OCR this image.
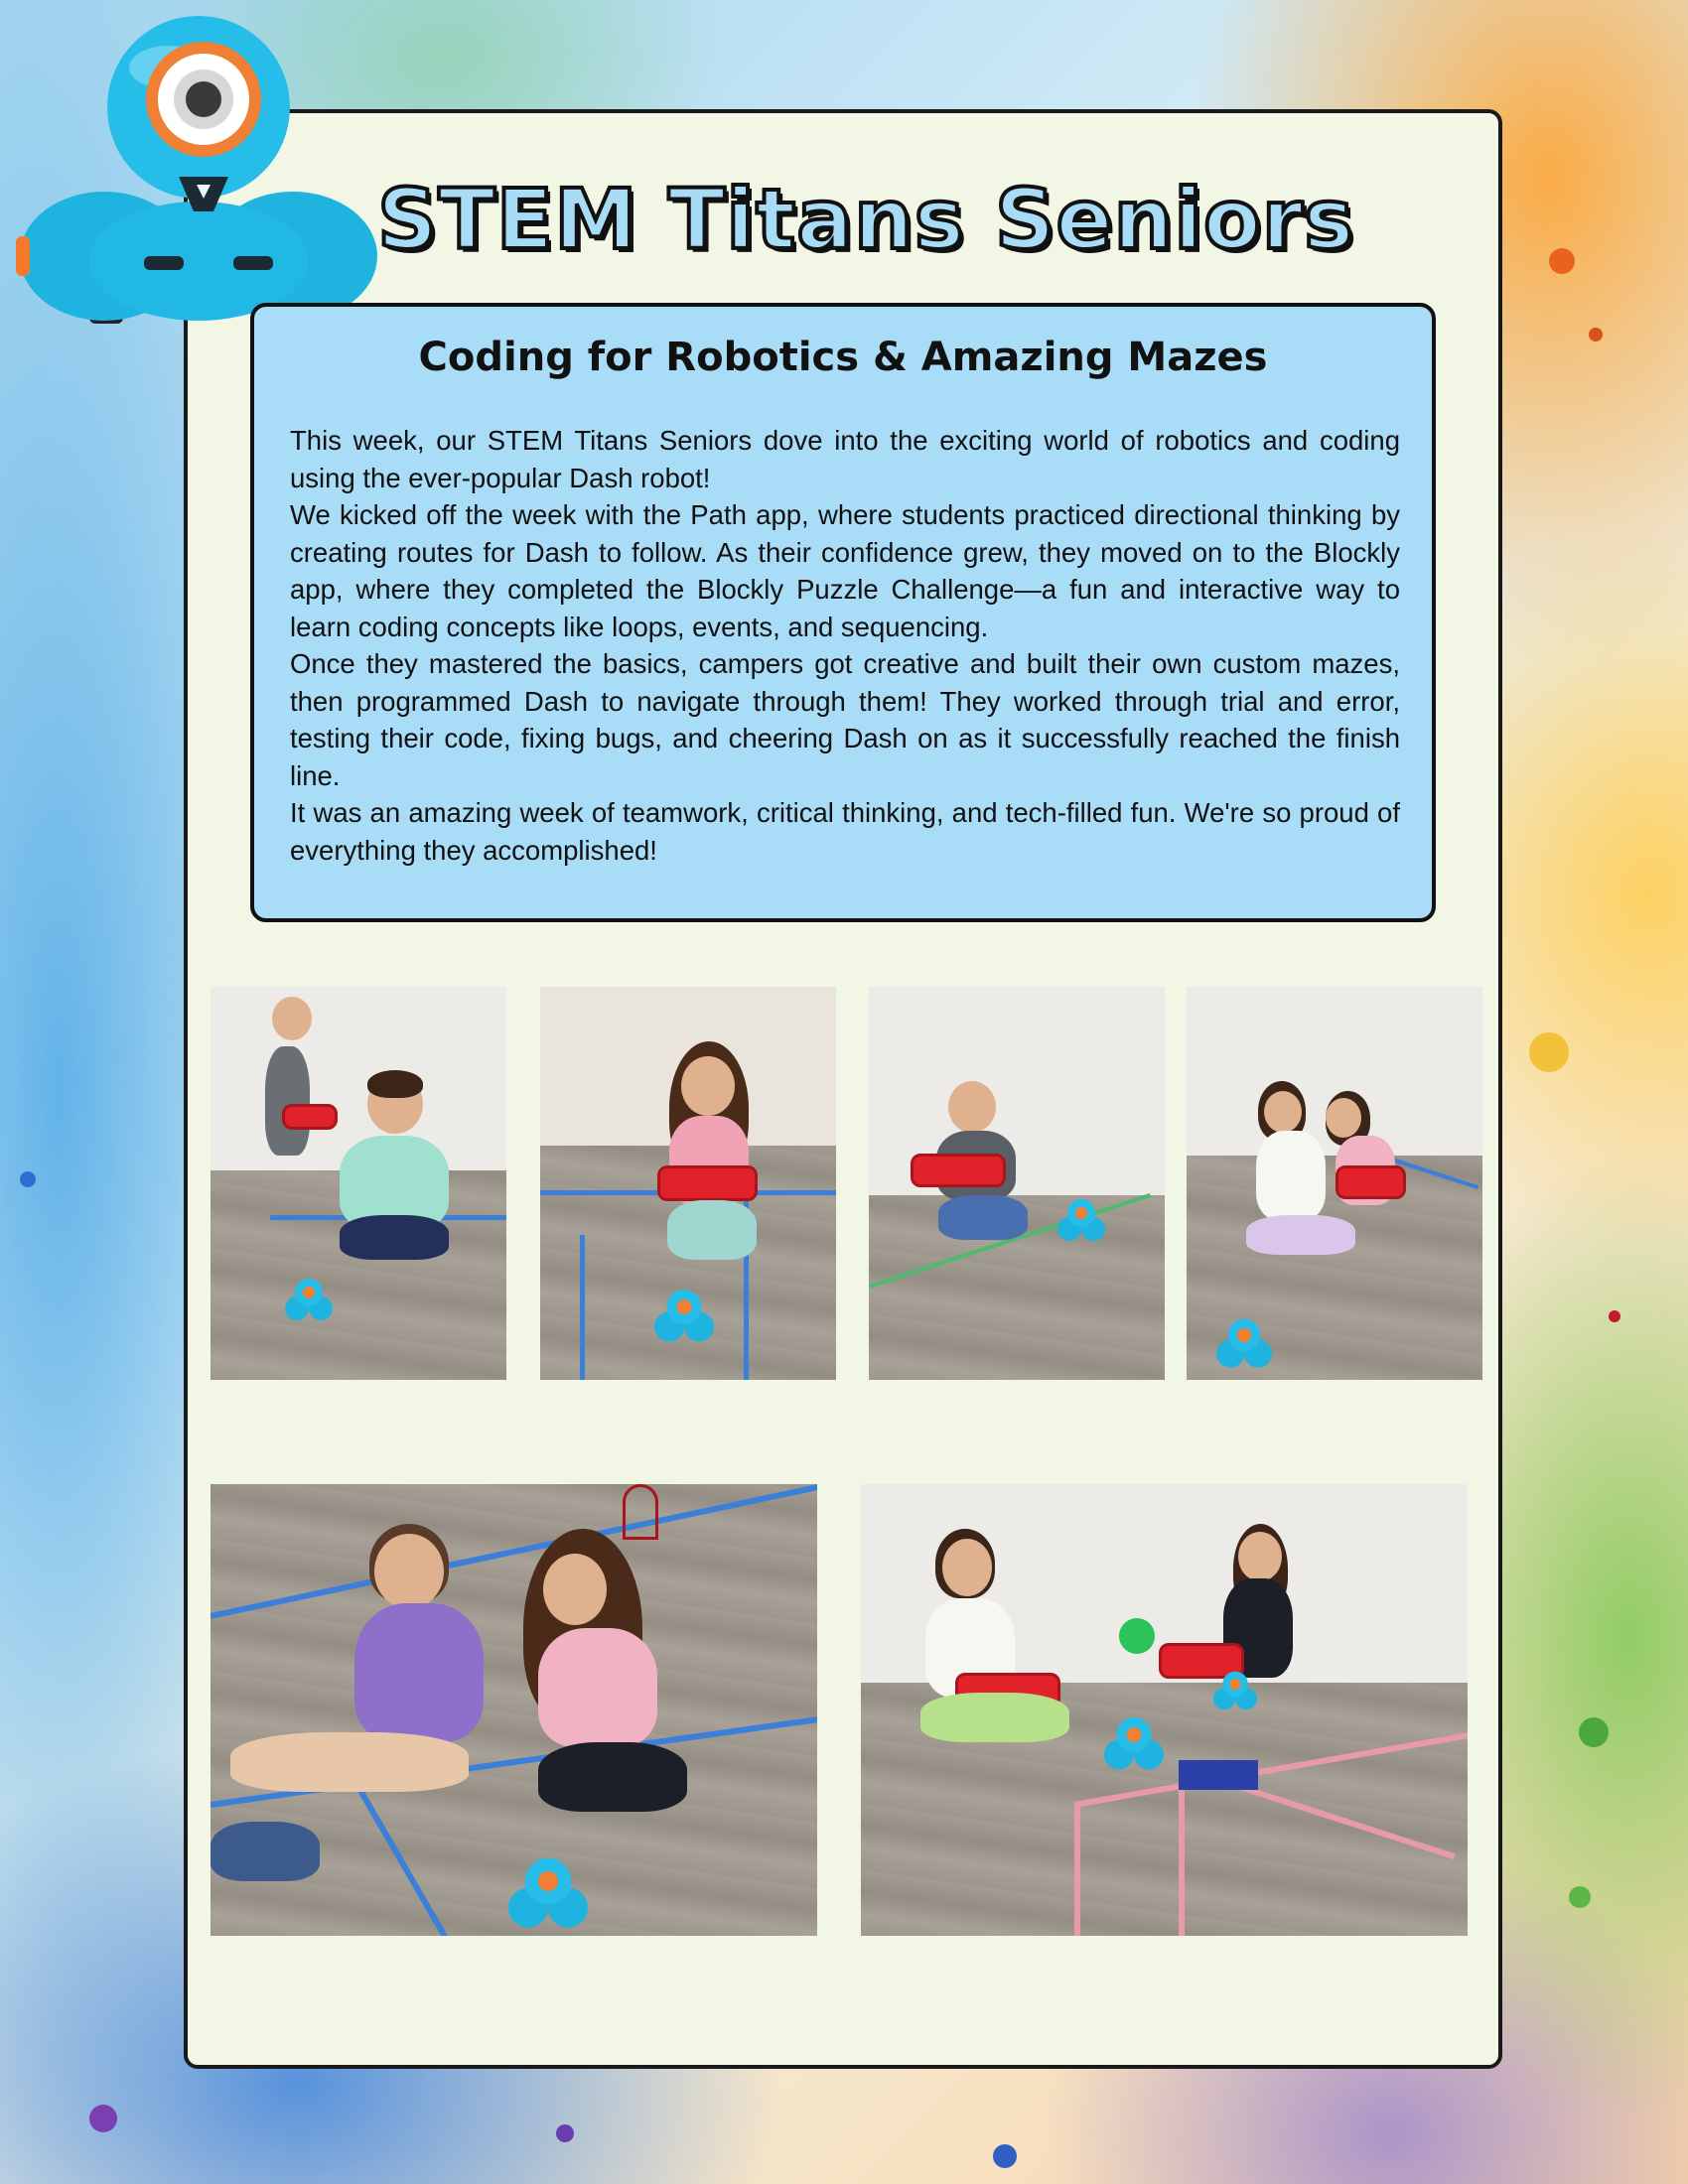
STEM Titans Seniors
Coding for Robotics & Amazing Mazes

This week, our STEM Titans Seniors dove into the exciting world of robotics and coding using the ever-popular Dash robot!

We kicked off the week with the Path app, where students practiced directional thinking by creating routes for Dash to follow. As their confidence grew, they moved on to the Blockly app, where they completed the Blockly Puzzle Challenge—a fun and interactive way to learn coding concepts like loops, events, and sequencing.

Once they mastered the basics, campers got creative and built their own custom mazes, then programmed Dash to navigate through them! They worked through trial and error, testing their code, fixing bugs, and cheering Dash on as it successfully reached the finish line.

It was an amazing week of teamwork, critical thinking, and tech-filled fun. We're so proud of everything they accomplished!
